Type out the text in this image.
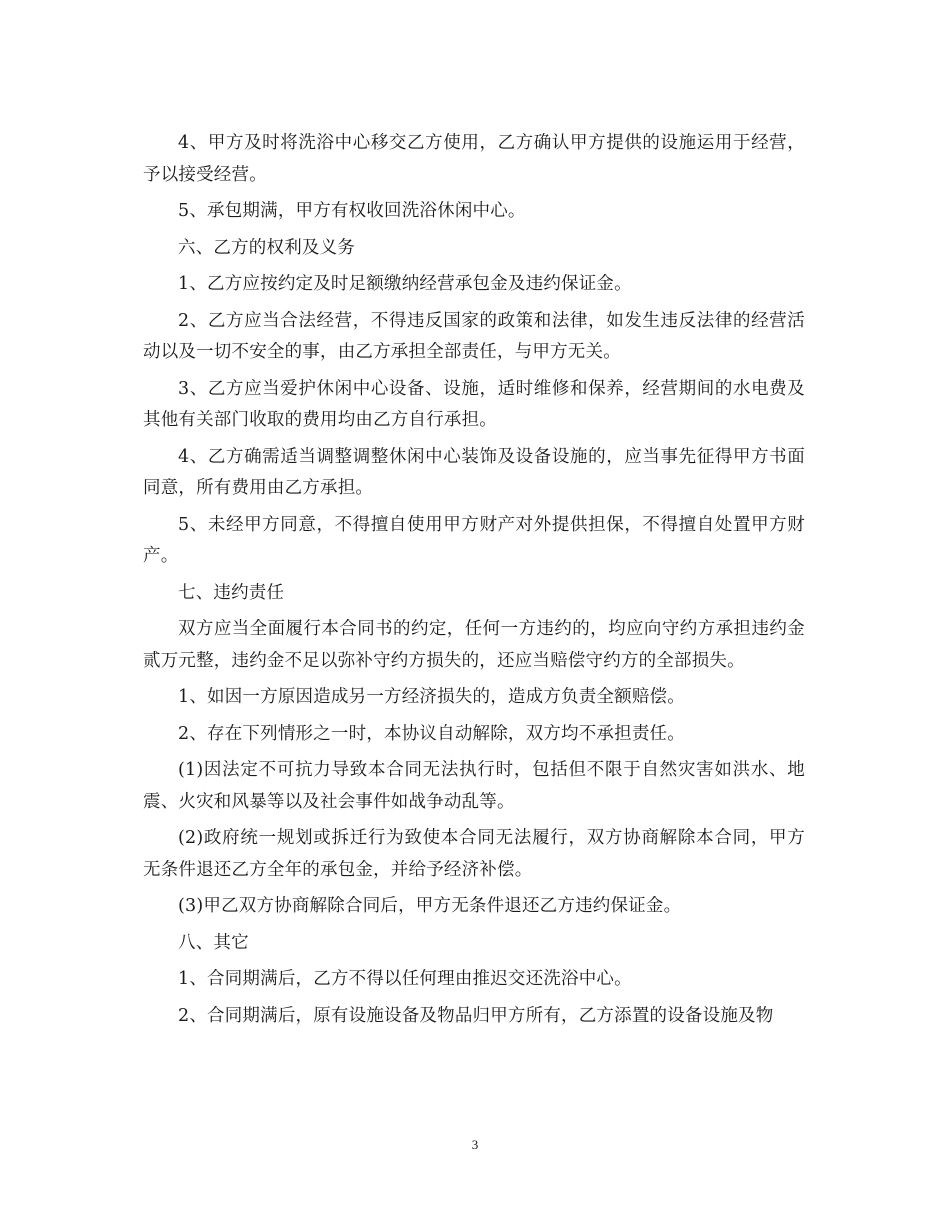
4、甲方及时将洗浴中心移交乙方使用，乙方确认甲方提供的设施运用于经营，予以接受经营。

5、承包期满，甲方有权收回洗浴休闲中心。

六、乙方的权利及义务

1、乙方应按约定及时足额缴纳经营承包金及违约保证金。

2、乙方应当合法经营，不得违反国家的政策和法律，如发生违反法律的经营活动以及一切不安全的事，由乙方承担全部责任，与甲方无关。

3、乙方应当爱护休闲中心设备、设施，适时维修和保养，经营期间的水电费及其他有关部门收取的费用均由乙方自行承担。

4、乙方确需适当调整调整休闲中心装饰及设备设施的，应当事先征得甲方书面同意，所有费用由乙方承担。

5、未经甲方同意，不得擅自使用甲方财产对外提供担保，不得擅自处置甲方财产。

七、违约责任

双方应当全面履行本合同书的约定，任何一方违约的，均应向守约方承担违约金贰万元整，违约金不足以弥补守约方损失的，还应当赔偿守约方的全部损失。

1、如因一方原因造成另一方经济损失的，造成方负责全额赔偿。

2、存在下列情形之一时，本协议自动解除，双方均不承担责任。

(1)因法定不可抗力导致本合同无法执行时，包括但不限于自然灾害如洪水、地震、火灾和风暴等以及社会事件如战争动乱等。

(2)政府统一规划或拆迁行为致使本合同无法履行，双方协商解除本合同，甲方无条件退还乙方全年的承包金，并给予经济补偿。

(3)甲乙双方协商解除合同后，甲方无条件退还乙方违约保证金。

八、其它

1、合同期满后，乙方不得以任何理由推迟交还洗浴中心。

2、合同期满后，原有设施设备及物品归甲方所有，乙方添置的设备设施及物

3
